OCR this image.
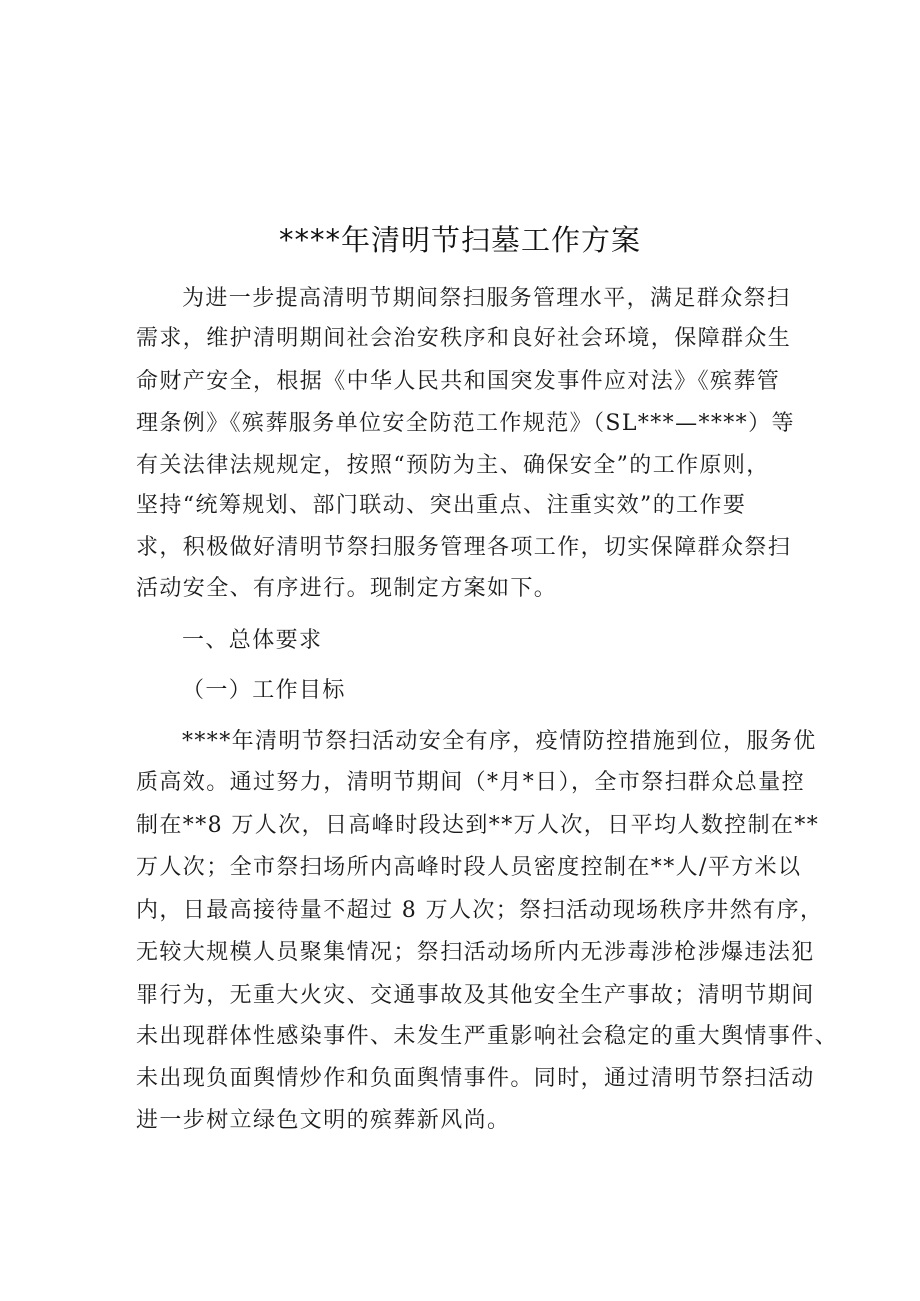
****年清明节扫墓工作方案
为进一步提高清明节期间祭扫服务管理水平，满足群众祭扫
需求，维护清明期间社会治安秩序和良好社会环境，保障群众生
命财产安全，根据《中华人民共和国突发事件应对法》《殡葬管
理条例》《殡葬服务单位安全防范工作规范》（SL***—****）等
有关法律法规规定，按照“预防为主、确保安全”的工作原则，
坚持“统筹规划、部门联动、突出重点、注重实效”的工作要
求，积极做好清明节祭扫服务管理各项工作，切实保障群众祭扫
活动安全、有序进行。现制定方案如下。
一、总体要求
（一）工作目标
****年清明节祭扫活动安全有序，疫情防控措施到位，服务优
质高效。通过努力，清明节期间（*月*日），全市祭扫群众总量控
制在**8 万人次，日高峰时段达到**万人次，日平均人数控制在**
万人次；全市祭扫场所内高峰时段人员密度控制在**人/平方米以
内，日最高接待量不超过 8 万人次；祭扫活动现场秩序井然有序，
无较大规模人员聚集情况；祭扫活动场所内无涉毒涉枪涉爆违法犯
罪行为，无重大火灾、交通事故及其他安全生产事故；清明节期间
未出现群体性感染事件、未发生严重影响社会稳定的重大舆情事件、
未出现负面舆情炒作和负面舆情事件。同时，通过清明节祭扫活动
进一步树立绿色文明的殡葬新风尚。
